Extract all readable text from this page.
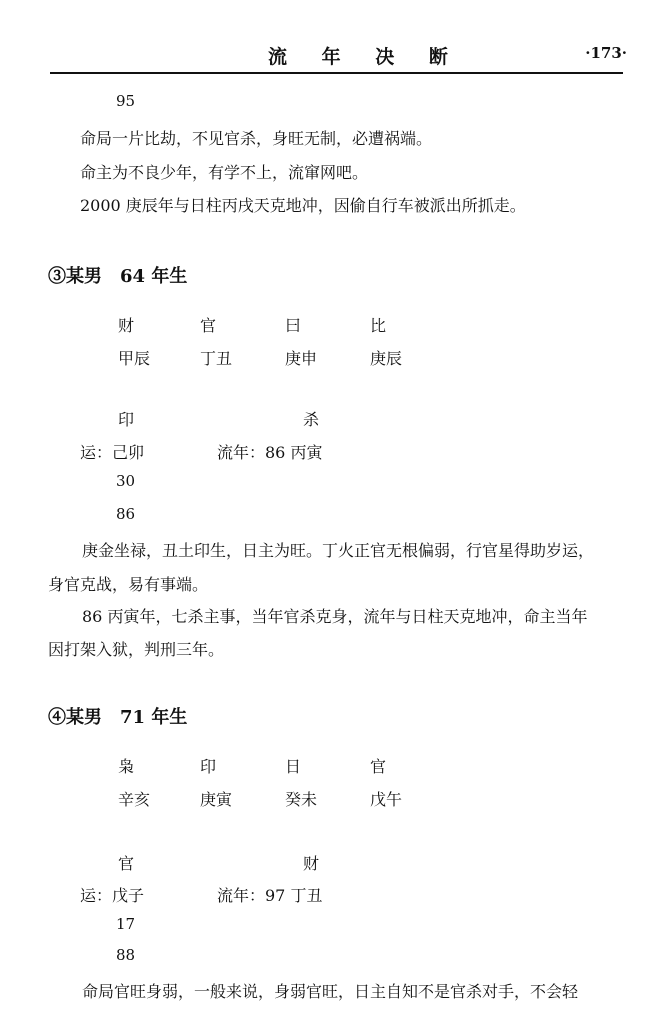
流 年 决 断	·173·
95
命局一片比劫，不见官杀，身旺无制，必遭祸端。
命主为不良少年，有学不上，流窜网吧。
2000 庚辰年与日柱丙戌天克地冲，因偷自行车被派出所抓走。
③某男　64 年生
财	官	曰	比
甲辰	丁丑	庚申	庚辰
印	杀
运：己卯	流年：86 丙寅
30
86
庚金坐禄，丑土印生，日主为旺。丁火正官无根偏弱，行官星得助岁运，
身官克战，易有事端。
86 丙寅年，七杀主事，当年官杀克身，流年与日柱天克地冲，命主当年
因打架入狱，判刑三年。
④某男　71 年生
枭	印	日	官
辛亥	庚寅	癸未	戊午
官	财
运：戊子	流年：97 丁丑
17
88
命局官旺身弱，一般来说，身弱官旺，日主自知不是官杀对手，不会轻
